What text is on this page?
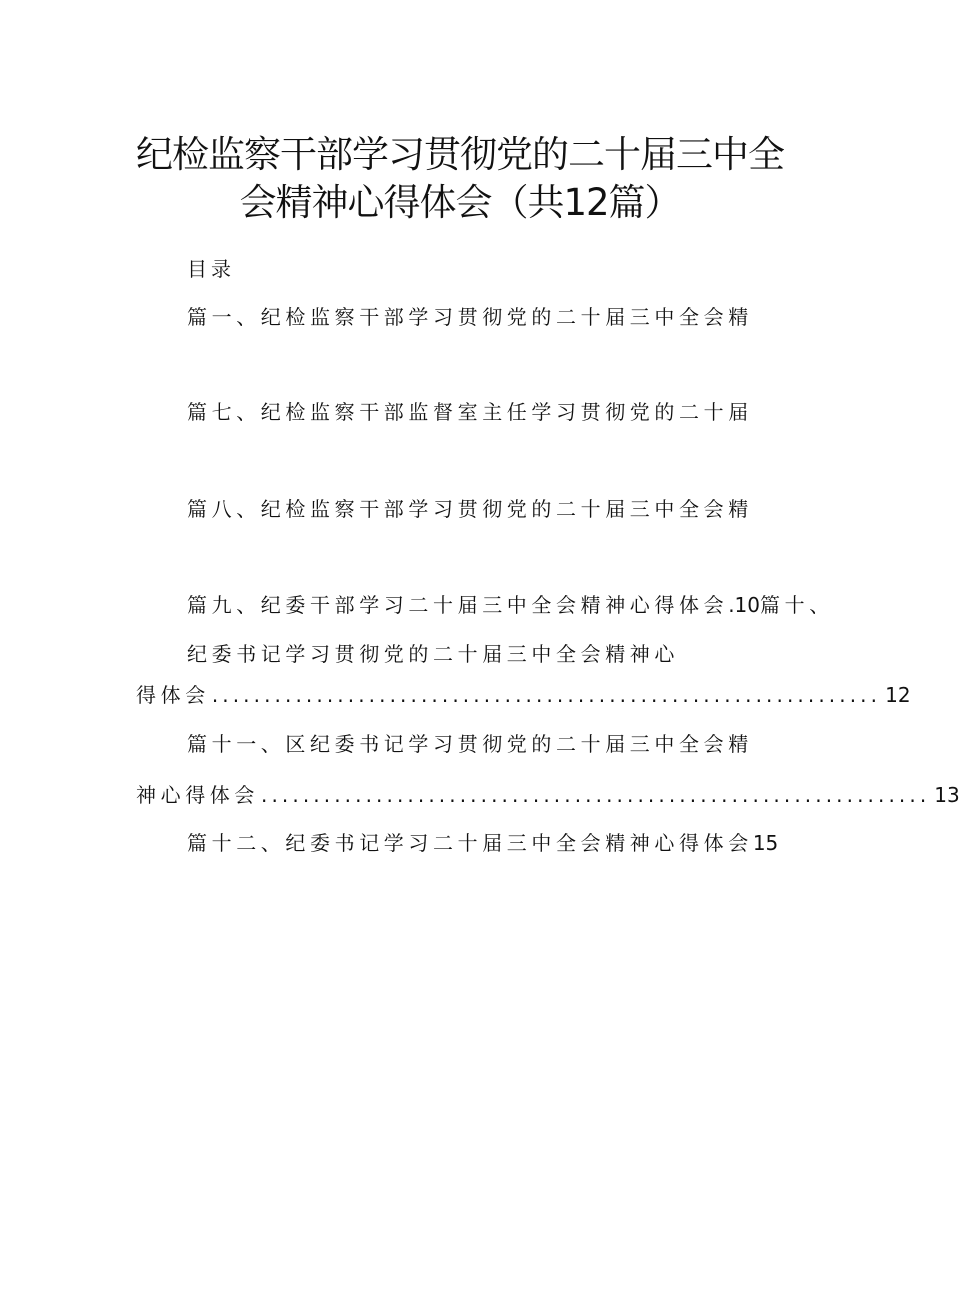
纪检监察干部学习贯彻党的二十届三中全
会精神心得体会（共12篇）
目录
篇一、纪检监察干部学习贯彻党的二十届三中全会精
篇七、纪检监察干部监督室主任学习贯彻党的二十届
篇八、纪检监察干部学习贯彻党的二十届三中全会精
篇九、纪委干部学习二十届三中全会精神心得体会.10篇十、
纪委书记学习贯彻党的二十届三中全会精神心
得体会 ................................................................ 12
篇十一、区纪委书记学习贯彻党的二十届三中全会精
神心得体会 ................................................................ 13
篇十二、纪委书记学习二十届三中全会精神心得体会15
